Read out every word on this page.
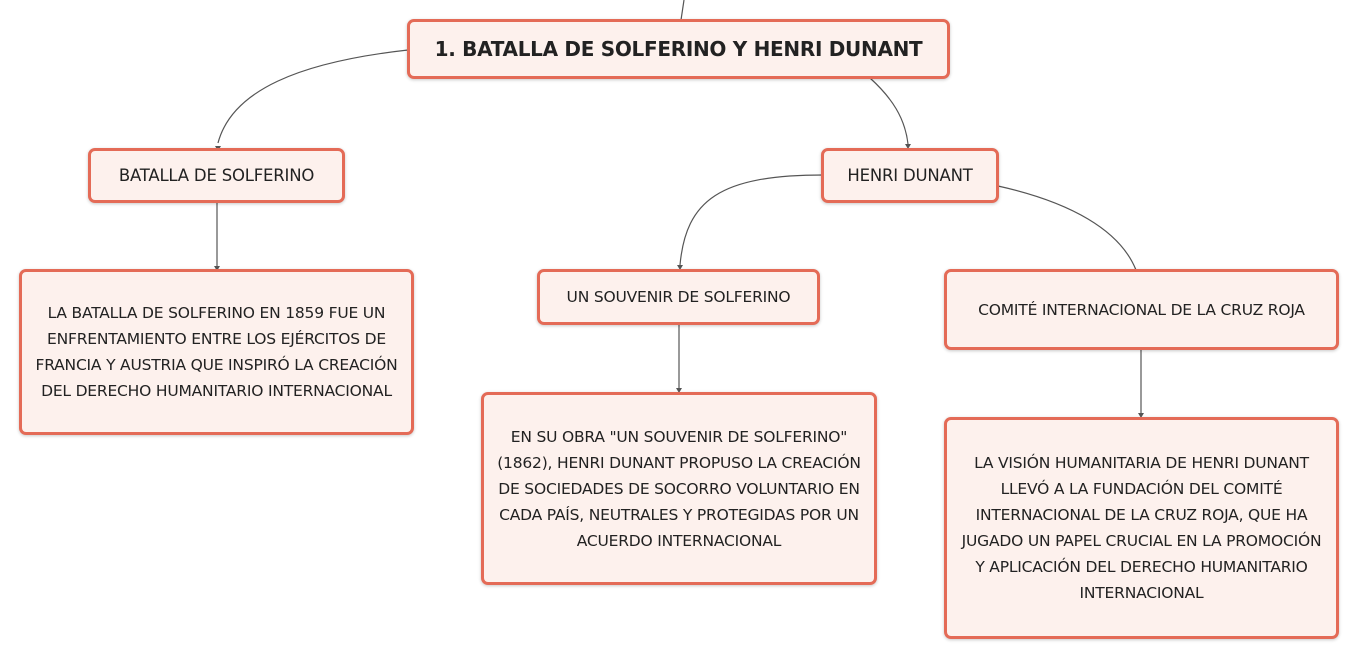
1. BATALLA DE SOLFERINO Y HENRI DUNANT
BATALLA DE SOLFERINO	HENRI DUNANT
LA BATALLA DE SOLFERINO EN 1859 FUE UN ENFRENTAMIENTO ENTRE LOS EJÉRCITOS DE FRANCIA Y AUSTRIA QUE INSPIRÓ LA CREACIÓN DEL DERECHO HUMANITARIO INTERNACIONAL
UN SOUVENIR DE SOLFERINO
COMITÉ INTERNACIONAL DE LA CRUZ ROJA
EN SU OBRA "UN SOUVENIR DE SOLFERINO" (1862), HENRI DUNANT PROPUSO LA CREACIÓN DE SOCIEDADES DE SOCORRO VOLUNTARIO EN CADA PAÍS, NEUTRALES Y PROTEGIDAS POR UN ACUERDO INTERNACIONAL
LA VISIÓN HUMANITARIA DE HENRI DUNANT LLEVÓ A LA FUNDACIÓN DEL COMITÉ INTERNACIONAL DE LA CRUZ ROJA, QUE HA JUGADO UN PAPEL CRUCIAL EN LA PROMOCIÓN Y APLICACIÓN DEL DERECHO HUMANITARIO INTERNACIONAL
